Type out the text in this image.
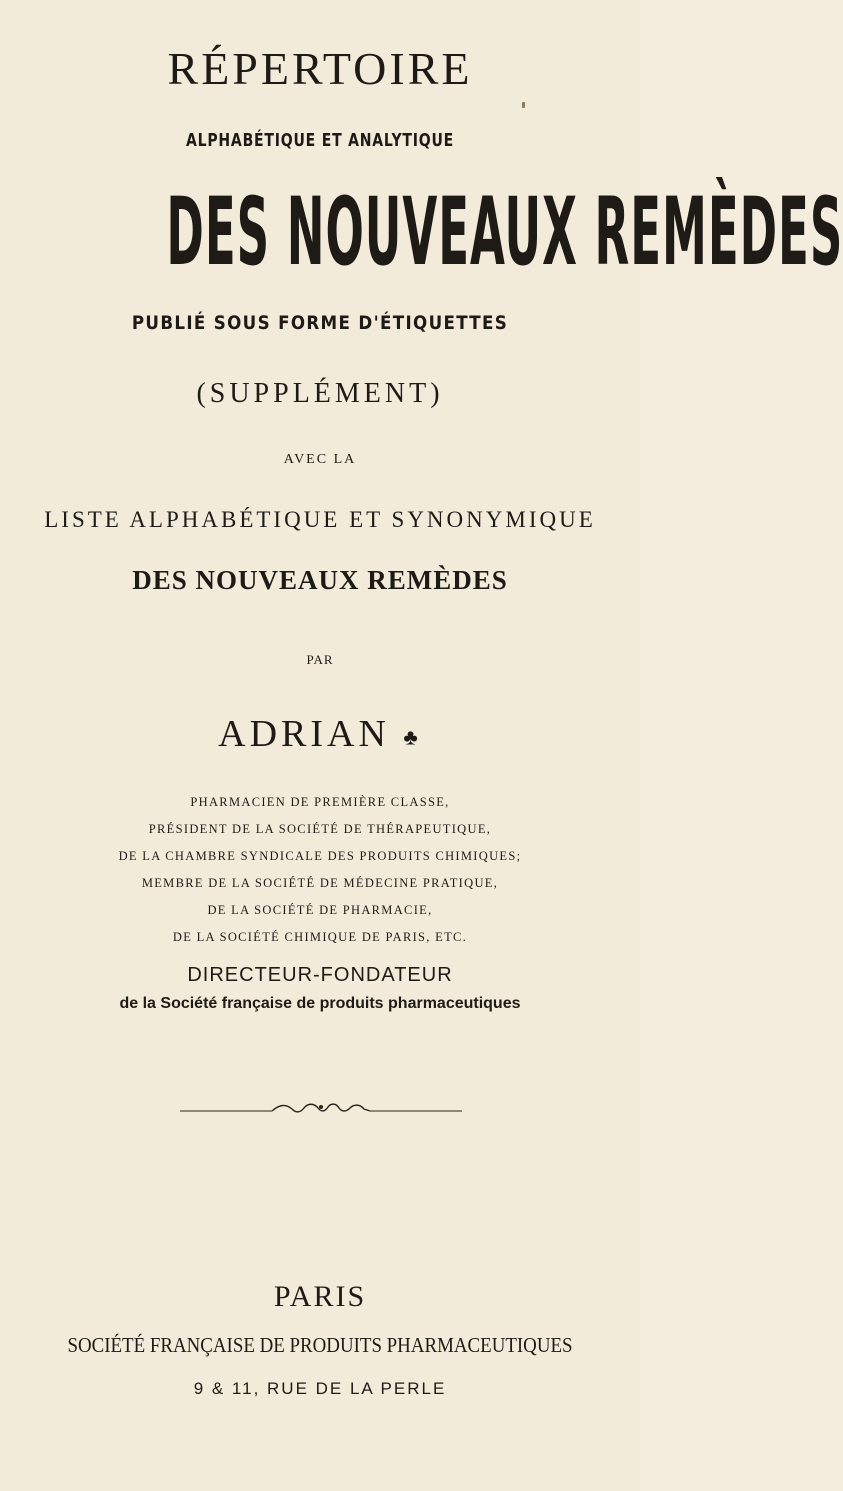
RÉPERTOIRE

ALPHABÉTIQUE ET ANALYTIQUE

DES NOUVEAUX REMÈDES

PUBLIÉ SOUS FORME D'ÉTIQUETTES

(SUPPLÉMENT)

AVEC LA

LISTE ALPHABÉTIQUE ET SYNONYMIQUE

DES NOUVEAUX REMÈDES

PAR

ADRIAN ♣

PHARMACIEN DE PREMIÈRE CLASSE,

PRÉSIDENT DE LA SOCIÉTÉ DE THÉRAPEUTIQUE,

DE LA CHAMBRE SYNDICALE DES PRODUITS CHIMIQUES;

MEMBRE DE LA SOCIÉTÉ DE MÉDECINE PRATIQUE,

DE LA SOCIÉTÉ DE PHARMACIE,

DE LA SOCIÉTÉ CHIMIQUE DE PARIS, ETC.

DIRECTEUR-FONDATEUR

de la Société française de produits pharmaceutiques

PARIS

SOCIÉTÉ FRANÇAISE DE PRODUITS PHARMACEUTIQUES

9 & 11, RUE DE LA PERLE
